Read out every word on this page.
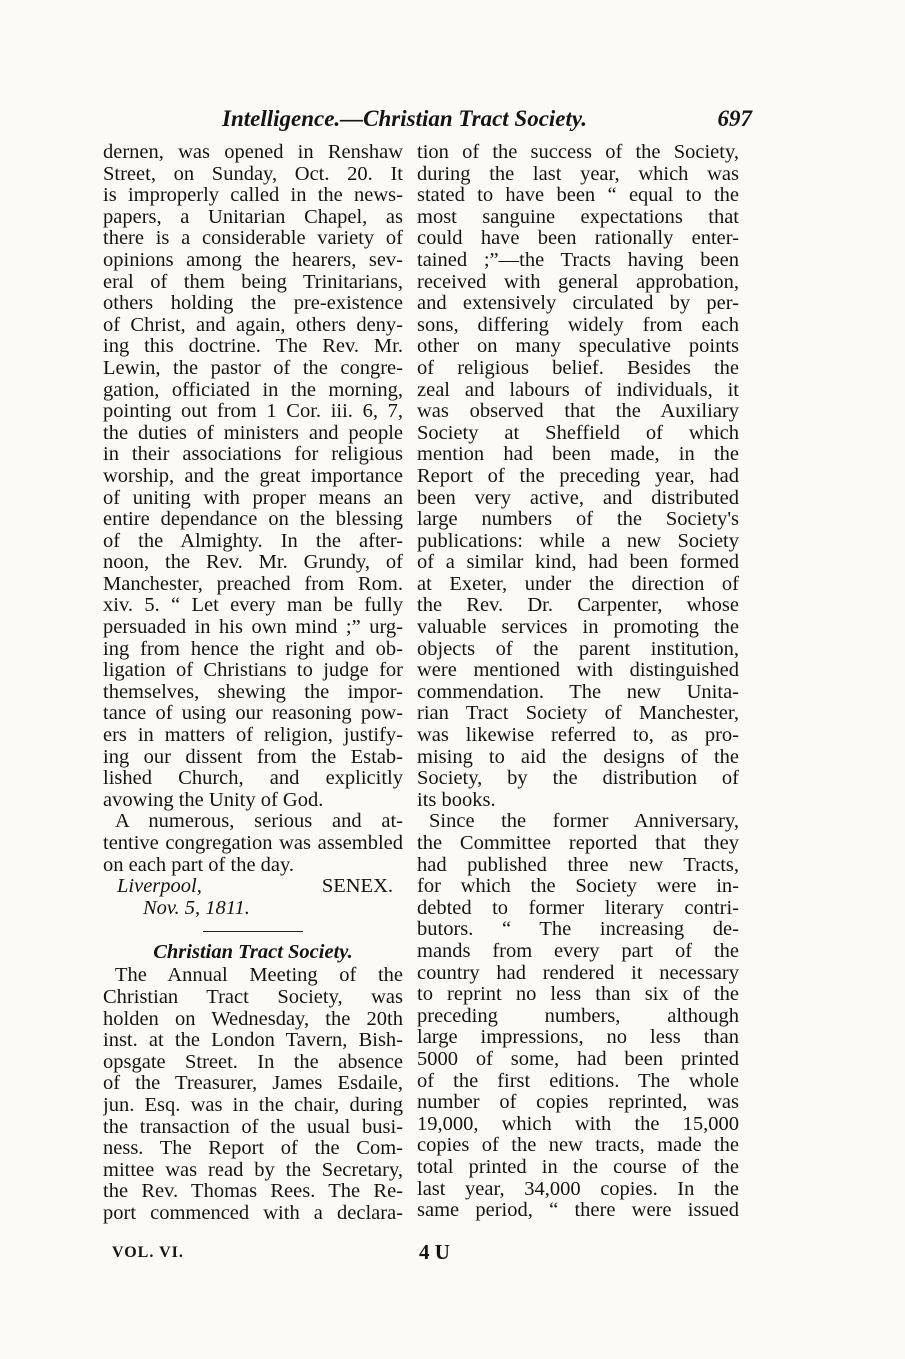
Intelligence.—Christian Tract Society.	697
dernen, was opened in Renshaw
Street, on Sunday, Oct. 20. It
is improperly called in the news-
papers, a Unitarian Chapel, as
there is a considerable variety of
opinions among the hearers, sev-
eral of them being Trinitarians,
others holding the pre-existence
of Christ, and again, others deny-
ing this doctrine. The Rev. Mr.
Lewin, the pastor of the congre-
gation, officiated in the morning,
pointing out from 1 Cor. iii. 6, 7,
the duties of ministers and people
in their associations for religious
worship, and the great importance
of uniting with proper means an
entire dependance on the blessing
of the Almighty. In the after-
noon, the Rev. Mr. Grundy, of
Manchester, preached from Rom.
xiv. 5. “ Let every man be fully
persuaded in his own mind ;” urg-
ing from hence the right and ob-
ligation of Christians to judge for
themselves, shewing the impor-
tance of using our reasoning pow-
ers in matters of religion, justify-
ing our dissent from the Estab-
lished Church, and explicitly
avowing the Unity of God.
A numerous, serious and at-
tentive congregation was assembled
on each part of the day.
Liverpool,	SENEX.
Nov. 5, 1811.
Christian Tract Society.
The Annual Meeting of the
Christian Tract Society, was
holden on Wednesday, the 20th
inst. at the London Tavern, Bish-
opsgate Street. In the absence
of the Treasurer, James Esdaile,
jun. Esq. was in the chair, during
the transaction of the usual busi-
ness. The Report of the Com-
mittee was read by the Secretary,
the Rev. Thomas Rees. The Re-
port commenced with a declara-
tion of the success of the Society,
during the last year, which was
stated to have been “ equal to the
most sanguine expectations that
could have been rationally enter-
tained ;”—the Tracts having been
received with general approbation,
and extensively circulated by per-
sons, differing widely from each
other on many speculative points
of religious belief. Besides the
zeal and labours of individuals, it
was observed that the Auxiliary
Society at Sheffield of which
mention had been made, in the
Report of the preceding year, had
been very active, and distributed
large numbers of the Society's
publications: while a new Society
of a similar kind, had been formed
at Exeter, under the direction of
the Rev. Dr. Carpenter, whose
valuable services in promoting the
objects of the parent institution,
were mentioned with distinguished
commendation. The new Unita-
rian Tract Society of Manchester,
was likewise referred to, as pro-
mising to aid the designs of the
Society, by the distribution of
its books.
Since the former Anniversary,
the Committee reported that they
had published three new Tracts,
for which the Society were in-
debted to former literary contri-
butors. “ The increasing de-
mands from every part of the
country had rendered it necessary
to reprint no less than six of the
preceding numbers, although
large impressions, no less than
5000 of some, had been printed
of the first editions. The whole
number of copies reprinted, was
19,000, which with the 15,000
copies of the new tracts, made the
total printed in the course of the
last year, 34,000 copies. In the
same period, “ there were issued
VOL. VI.	4 U
